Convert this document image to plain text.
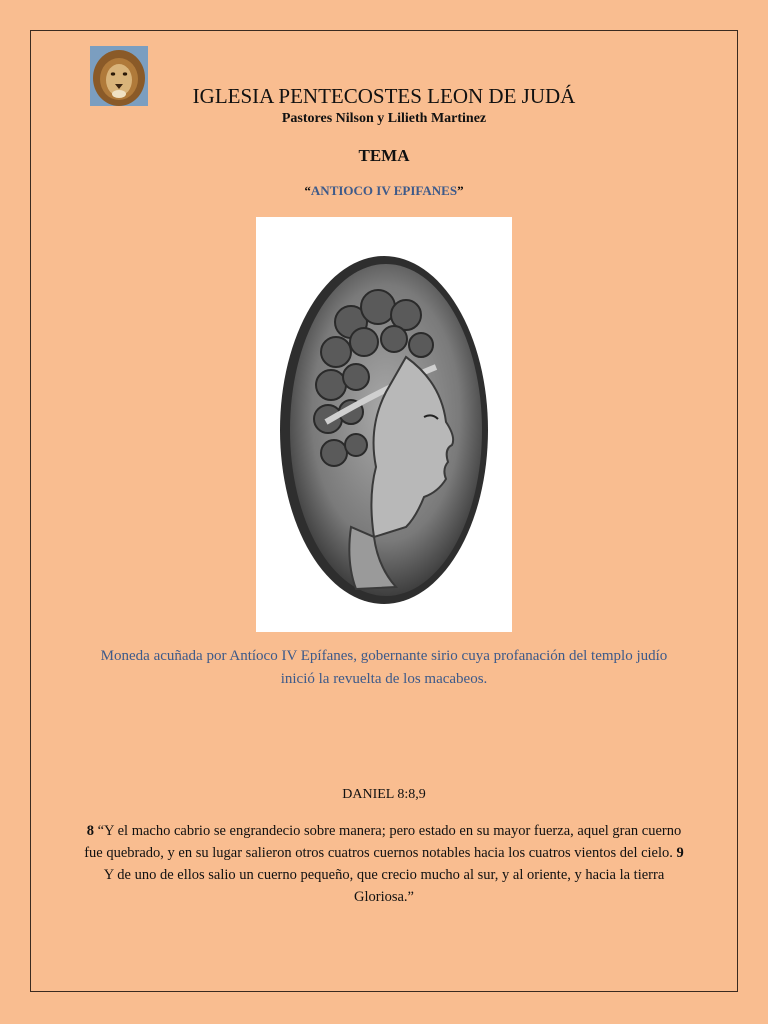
IGLESIA PENTECOSTES LEON DE JUDÁ
Pastores Nilson y Lilieth Martinez
TEMA
“ANTIOCO IV EPIFANES”
Moneda acuñada por Antíoco IV Epífanes, gobernante sirio cuya profanación del templo judío
inició la revuelta de los macabeos.
DANIEL 8:8,9
8 “Y el macho cabrio se engrandecio sobre manera; pero estado en su mayor fuerza, aquel gran cuerno fue quebrado, y en su lugar salieron otros cuatros cuernos notables hacia los cuatros vientos del cielo. 9 Y de uno de ellos salio un cuerno pequeño, que crecio mucho al sur, y al oriente, y hacia la tierra Gloriosa.”
